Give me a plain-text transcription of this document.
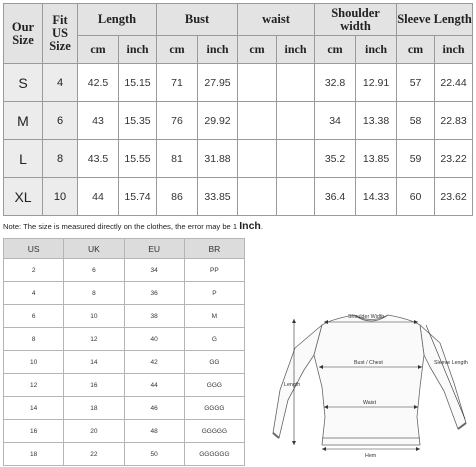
Our Size	Fit US Size	Length		Bust		waist		Shoulder width		Sleeve Length	
		cm	inch	cm	inch	cm	inch	cm	inch	cm	inch
S	4	42.5	15.15	71	27.95			32.8	12.91	57	22.44
M	6	43	15.35	76	29.92			34	13.38	58	22.83
L	8	43.5	15.55	81	31.88			35.2	13.85	59	23.22
XL	10	44	15.74	86	33.85			36.4	14.33	60	23.62
Note: The size is measured directly on the clothes, the error may be 1 Inch.
US	UK	EU	BR
2	6	34	PP
4	8	36	P
6	10	38	M
8	12	40	G
10	14	42	GG
12	16	44	GGG
14	18	46	GGGG
16	20	48	GGGGG
18	22	50	GGGGGG
Shoulder Width
Bust / Chest	Sleeve Length
Length
Waist
Hem
